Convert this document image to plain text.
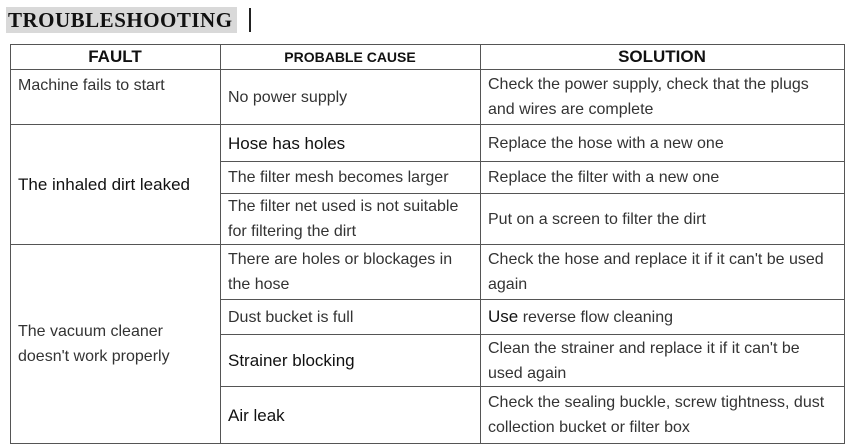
TROUBLESHOOTING
FAULT	PROBABLE CAUSE	SOLUTION
Machine fails to start	No power supply	Check the power supply, check that the plugs and wires are complete
The inhaled dirt leaked	Hose has holes	Replace the hose with a new one
	The filter mesh becomes larger	Replace the filter with a new one
	The filter net used is not suitable for filtering the dirt	Put on a screen to filter the dirt
The vacuum cleaner doesn't work properly	There are holes or blockages in the hose	Check the hose and replace it if it can't be used again
	Dust bucket is full	Use reverse flow cleaning
	Strainer blocking	Clean the strainer and replace it if it can't be used again
	Air leak	Check the sealing buckle, screw tightness, dust collection bucket or filter box
